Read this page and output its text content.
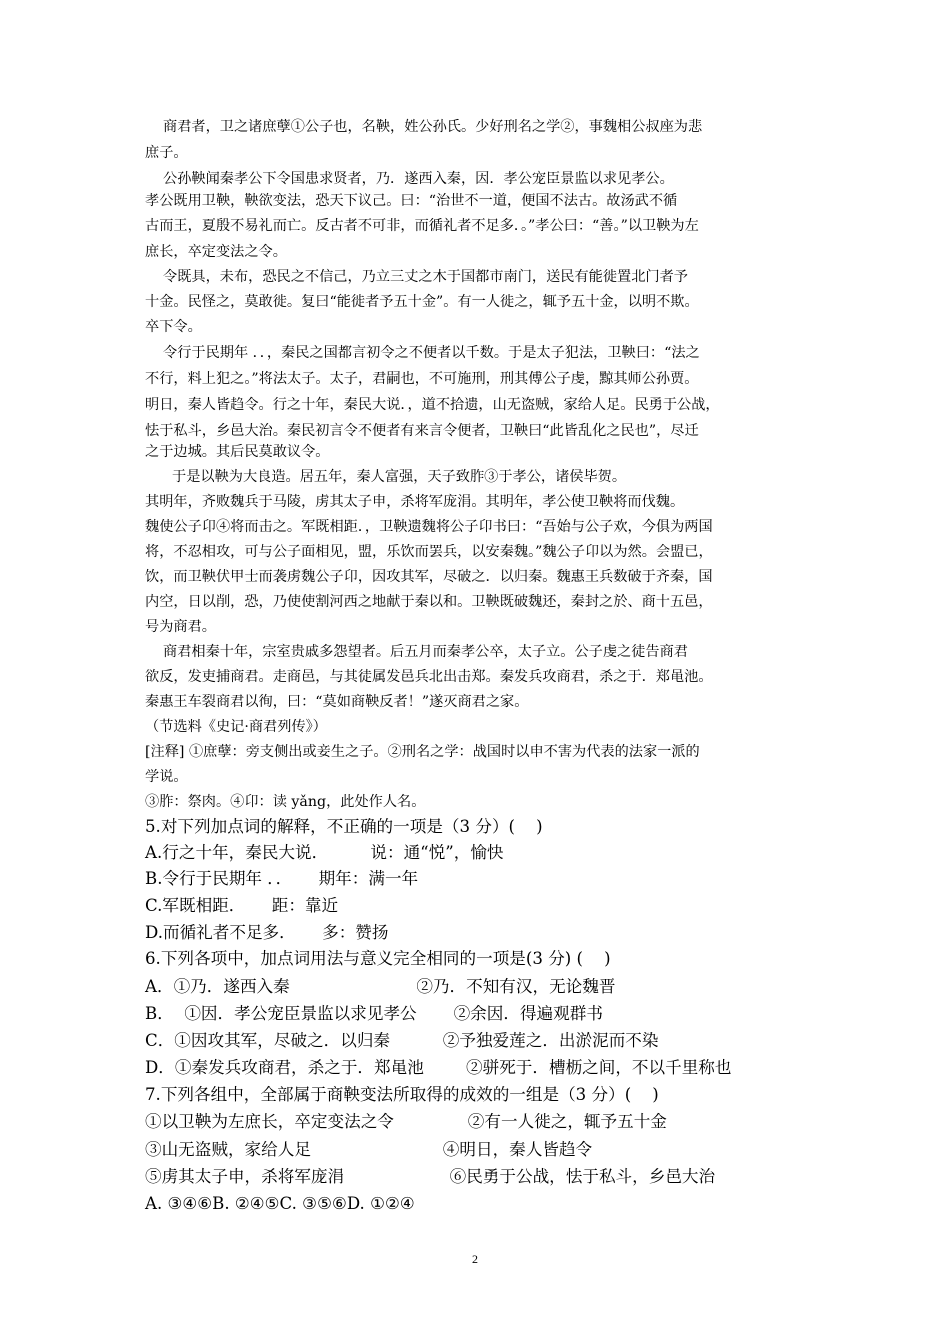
商君者，卫之诸庶孽①公子也，名鞅，姓公孙氏。少好刑名之学②，事魏相公叔座为悲
庶子。
公孙鞅闻秦孝公下令国患求贤者，乃．遂西入秦，因．孝公宠臣景监以求见孝公。
孝公既用卫鞅，鞅欲变法，恐天下议己。曰：“治世不一道，便国不法古。故汤武不循
古而王，夏殷不易礼而亡。反古者不可非，而循礼者不足多．。”孝公曰：“善。”以卫鞅为左
庶长，卒定变法之令。
令既具，未布，恐民之不信己，乃立三丈之木于国都市南门，送民有能徙置北门者予
十金。民怪之，莫敢徙。复曰“能徙者予五十金”。有一人徙之，辄予五十金，以明不欺。
卒下令。
令行于民期年 ．．，秦民之国都言初令之不便者以千数。于是太子犯法，卫鞅曰：“法之
不行，料上犯之。”将法太子。太子，君嗣也，不可施刑，刑其傅公子虔，黥其师公孙贾。
明日，秦人皆趋令。行之十年，秦民大说．，道不拾遗，山无盗贼，家给人足。民勇于公战，
怯于私斗，乡邑大治。秦民初言令不便者有来言令便者，卫鞅曰“此皆乱化之民也”，尽迁
之于边城。其后民莫敢议令。
于是以鞅为大良造。居五年，秦人富强，天子致胙③于孝公，诸侯毕贺。
其明年，齐败魏兵于马陵，虏其太子申，杀将军庞涓。其明年，孝公使卫鞅将而伐魏。
魏使公子卬④将而击之。军既相距．，卫鞅遗魏将公子卬书曰：“吾始与公子欢，今俱为两国
将，不忍相攻，可与公子面相见，盟，乐饮而罢兵，以安秦魏。”魏公子卬以为然。会盟已，
饮，而卫鞅伏甲士而袭虏魏公子卬，因攻其军，尽破之．以归秦。魏惠王兵数破于齐秦，国
内空，日以削，恐，乃使使割河西之地献于秦以和。卫鞅既破魏还，秦封之於、商十五邑，
号为商君。
商君相秦十年，宗室贵戚多怨望者。后五月而秦孝公卒，太子立。公子虔之徒告商君
欲反，发吏捕商君。走商邑，与其徒属发邑兵北出击郑。秦发兵攻商君，杀之于．郑黾池。
秦惠王车裂商君以徇，曰：“莫如商鞅反者！”遂灭商君之家。
（节选料《史记·商君列传》）
[注释] ①庶孽：旁支侧出或妾生之子。②刑名之学：战国时以申不害为代表的法家一派的
学说。
③胙：祭肉。④卬：读 yǎng，此处作人名。
5.对下列加点词的解释，不正确的一项是（3 分）(    )
A.行之十年，秦民大说．        说：通“悦”，愉快
B.令行于民期年 ．．     期年：满一年
C.军既相距．     距：靠近
D.而循礼者不足多．     多：赞扬
6.下列各项中，加点词用法与意义完全相同的一项是(3 分) (    )
A．①乃．遂西入秦                        ②乃．不知有汉，无论魏晋
B．  ①因．孝公宠臣景监以求见孝公       ②余因．得遍观群书
C．①因攻其军，尽破之．以归秦          ②予独爱莲之．出淤泥而不染
D．①秦发兵攻商君，杀之于．郑黾池        ②骈死于．槽枥之间，不以千里称也
7.下列各组中，全部属于商鞅变法所取得的成效的一组是（3 分）(    )
①以卫鞅为左庶长，卒定变法之令              ②有一人徙之，辄予五十金
③山无盗贼，家给人足                         ④明日，秦人皆趋令
⑤虏其太子申，杀将军庞涓                    ⑥民勇于公战，怯于私斗，乡邑大治
A. ③④⑥B. ②④⑤C. ③⑤⑥D. ①②④
2
